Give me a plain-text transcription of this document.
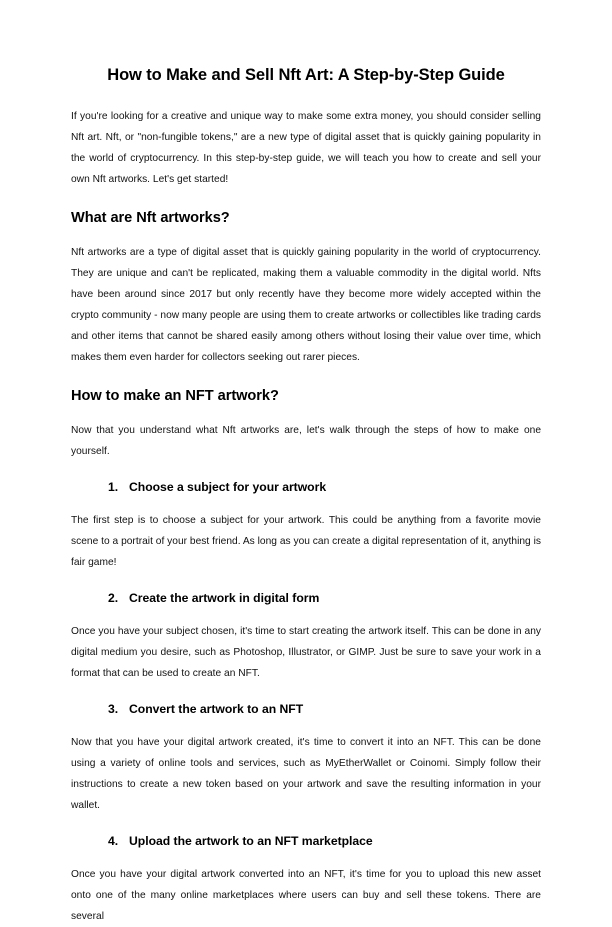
How to Make and Sell Nft Art: A Step-by-Step Guide

If you're looking for a creative and unique way to make some extra money, you should consider selling Nft art. Nft, or "non-fungible tokens," are a new type of digital asset that is quickly gaining popularity in the world of cryptocurrency. In this step-by-step guide, we will teach you how to create and sell your own Nft artworks. Let's get started!

What are Nft artworks?

Nft artworks are a type of digital asset that is quickly gaining popularity in the world of cryptocurrency. They are unique and can't be replicated, making them a valuable commodity in the digital world. Nfts have been around since 2017 but only recently have they become more widely accepted within the crypto community - now many people are using them to create artworks or collectibles like trading cards and other items that cannot be shared easily among others without losing their value over time, which makes them even harder for collectors seeking out rarer pieces.

How to make an NFT artwork?

Now that you understand what Nft artworks are, let's walk through the steps of how to make one yourself.

1. Choose a subject for your artwork

The first step is to choose a subject for your artwork. This could be anything from a favorite movie scene to a portrait of your best friend. As long as you can create a digital representation of it, anything is fair game!

2. Create the artwork in digital form

Once you have your subject chosen, it's time to start creating the artwork itself. This can be done in any digital medium you desire, such as Photoshop, Illustrator, or GIMP. Just be sure to save your work in a format that can be used to create an NFT.

3. Convert the artwork to an NFT

Now that you have your digital artwork created, it's time to convert it into an NFT. This can be done using a variety of online tools and services, such as MyEtherWallet or Coinomi. Simply follow their instructions to create a new token based on your artwork and save the resulting information in your wallet.

4. Upload the artwork to an NFT marketplace

Once you have your digital artwork converted into an NFT, it's time for you to upload this new asset onto one of the many online marketplaces where users can buy and sell these tokens. There are several
